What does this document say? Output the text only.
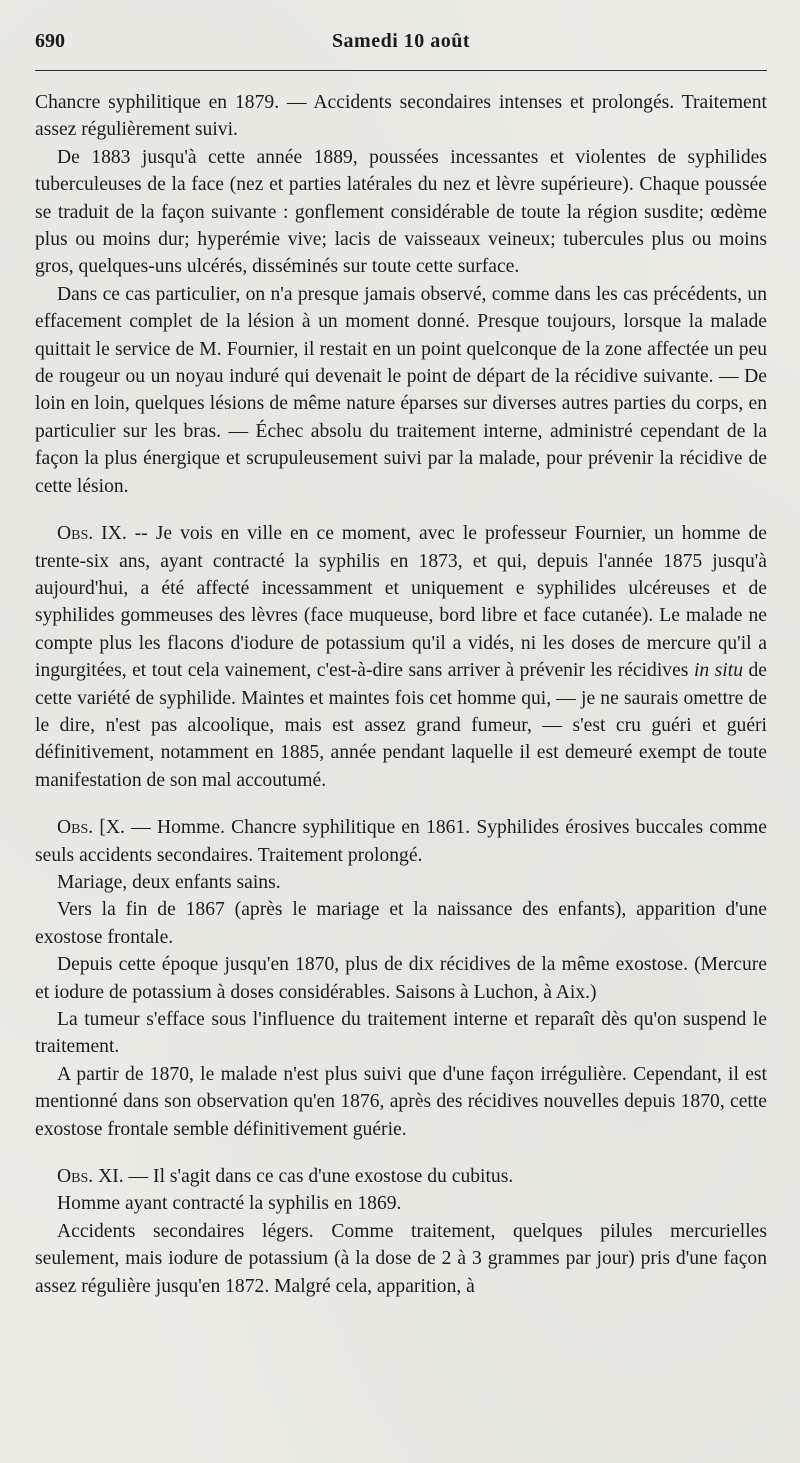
690	Samedi 10 août

Chancre syphilitique en 1879. — Accidents secondaires intenses et prolongés. Traitement assez régulièrement suivi.

De 1883 jusqu'à cette année 1889, poussées incessantes et violentes de syphilides tuberculeuses de la face (nez et parties latérales du nez et lèvre supérieure). Chaque poussée se traduit de la façon suivante : gonflement considérable de toute la région susdite; œdème plus ou moins dur; hyperémie vive; lacis de vaisseaux veineux; tubercules plus ou moins gros, quelques-uns ulcérés, disséminés sur toute cette surface.

Dans ce cas particulier, on n'a presque jamais observé, comme dans les cas précédents, un effacement complet de la lésion à un moment donné. Presque toujours, lorsque la malade quittait le service de M. Fournier, il restait en un point quelconque de la zone affectée un peu de rougeur ou un noyau induré qui devenait le point de départ de la récidive suivante. — De loin en loin, quelques lésions de même nature éparses sur diverses autres parties du corps, en particulier sur les bras. — Échec absolu du traitement interne, administré cependant de la façon la plus énergique et scrupuleusement suivi par la malade, pour prévenir la récidive de cette lésion.

Obs. IX. -- Je vois en ville en ce moment, avec le professeur Fournier, un homme de trente-six ans, ayant contracté la syphilis en 1873, et qui, depuis l'année 1875 jusqu'à aujourd'hui, a été affecté incessamment et uniquement e syphilides ulcéreuses et de syphilides gommeuses des lèvres (face muqueuse, bord libre et face cutanée). Le malade ne compte plus les flacons d'iodure de potassium qu'il a vidés, ni les doses de mercure qu'il a ingurgitées, et tout cela vainement, c'est-à-dire sans arriver à prévenir les récidives in situ de cette variété de syphilide. Maintes et maintes fois cet homme qui, — je ne saurais omettre de le dire, n'est pas alcoolique, mais est assez grand fumeur, — s'est cru guéri et guéri définitivement, notamment en 1885, année pendant laquelle il est demeuré exempt de toute manifestation de son mal accoutumé.

Obs. [X. — Homme. Chancre syphilitique en 1861. Syphilides érosives buccales comme seuls accidents secondaires. Traitement prolongé.

Mariage, deux enfants sains.

Vers la fin de 1867 (après le mariage et la naissance des enfants), apparition d'une exostose frontale.

Depuis cette époque jusqu'en 1870, plus de dix récidives de la même exostose. (Mercure et iodure de potassium à doses considérables. Saisons à Luchon, à Aix.)

La tumeur s'efface sous l'influence du traitement interne et reparaît dès qu'on suspend le traitement.

A partir de 1870, le malade n'est plus suivi que d'une façon irrégulière. Cependant, il est mentionné dans son observation qu'en 1876, après des récidives nouvelles depuis 1870, cette exostose frontale semble définitivement guérie.

Obs. XI. — Il s'agit dans ce cas d'une exostose du cubitus.

Homme ayant contracté la syphilis en 1869.

Accidents secondaires légers. Comme traitement, quelques pilules mercurielles seulement, mais iodure de potassium (à la dose de 2 à 3 grammes par jour) pris d'une façon assez régulière jusqu'en 1872. Malgré cela, apparition, à
